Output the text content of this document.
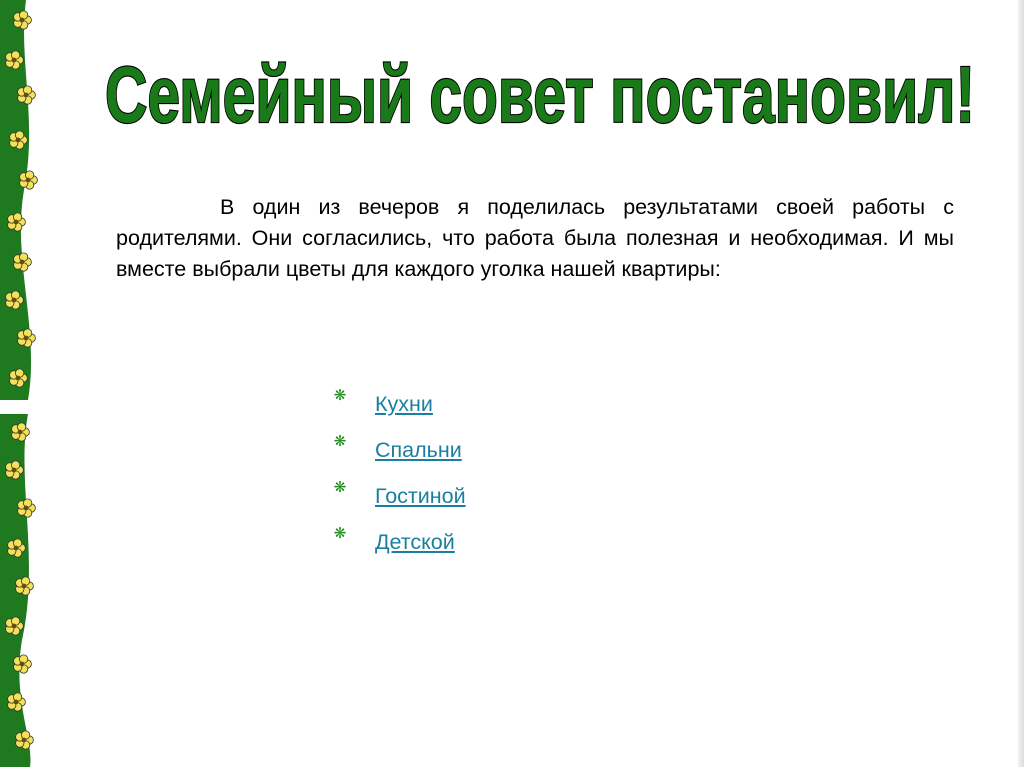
Семейный совет постановил!

В один из вечеров я поделилась результатами своей работы с родителями. Они согласились, что работа была полезная и необходимая. И мы вместе выбрали цветы для каждого уголка нашей квартиры:

❋ Кухни
❋ Спальни
❋ Гостиной
❋ Детской
